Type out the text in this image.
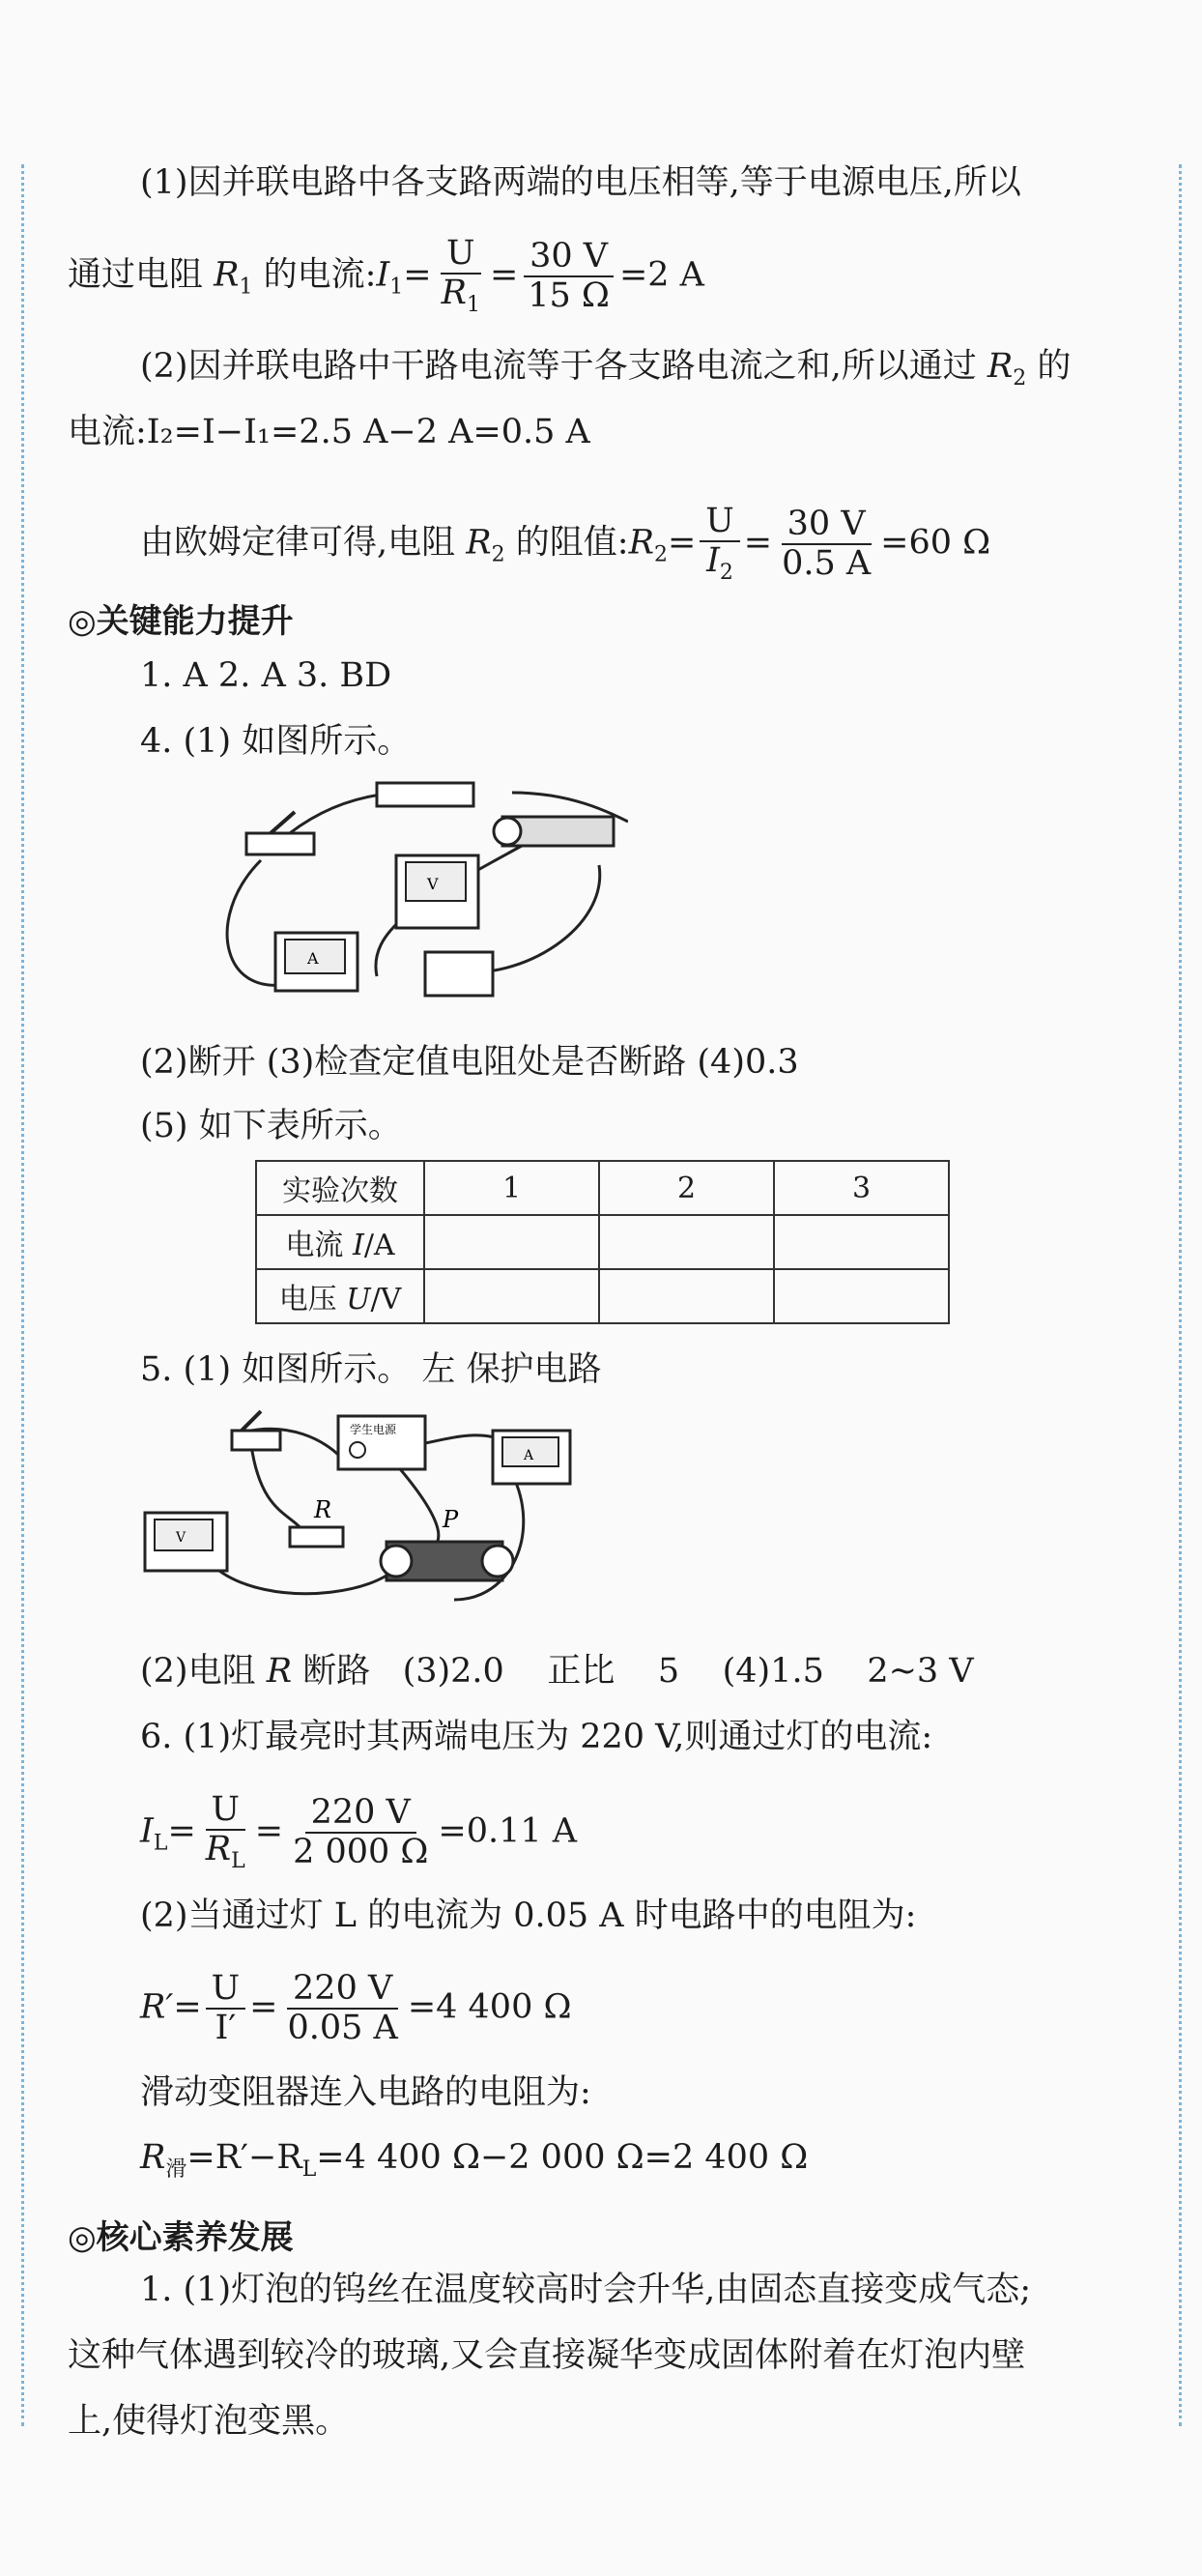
(1)因并联电路中各支路两端的电压相等,等于电源电压,所以
通过电阻 $R_1$ 的电流$:I_1= \frac{U}{R_1} = \frac{30 V}{15 \Omega} =2$ A
(2)因并联电路中干路电流等于各支路电流之和,所以通过 $R_2$ 的
电流:I₂=I−I₁=2.5 A−2 A=0.5 A
由欧姆定律可得,电阻 $R_2$ 的阻值$:R_2= \frac{U}{I_2} = \frac{30 V}{0.5 A} =60$ Ω
◎关键能力提升
1. A 2. A 3. BD
4. (1) 如图所示。
V
A
(2)断开 (3)检查定值电阻处是否断路 (4)0.3
(5) 如下表所示。
实验次数	1	2	3
电流 I/A			
电压 U/V			
5. (1) 如图所示。 左 保护电路
学生电源
A
V
R	P
(2)电阻 R 断路   (3)2.0    正比    5    (4)1.5    2~3 V
6. (1)灯最亮时其两端电压为 220 V,则通过灯的电流:
$I_L= \frac{U}{R_L} = \frac{220 V}{2 000 \Omega} =0.11$ A
(2)当通过灯 L 的电流为 0.05 A 时电路中的电阻为:
$R'= \frac{U}{I'} = \frac{220 V}{0.05 A} =4$ 400 Ω
滑动变阻器连入电路的电阻为:
$R_滑=R'-R_L=4$ 400 Ω−2 000 Ω=2 400 Ω
◎核心素养发展
1. (1)灯泡的钨丝在温度较高时会升华,由固态直接变成气态;
这种气体遇到较冷的玻璃,又会直接凝华变成固体附着在灯泡内壁
上,使得灯泡变黑。
